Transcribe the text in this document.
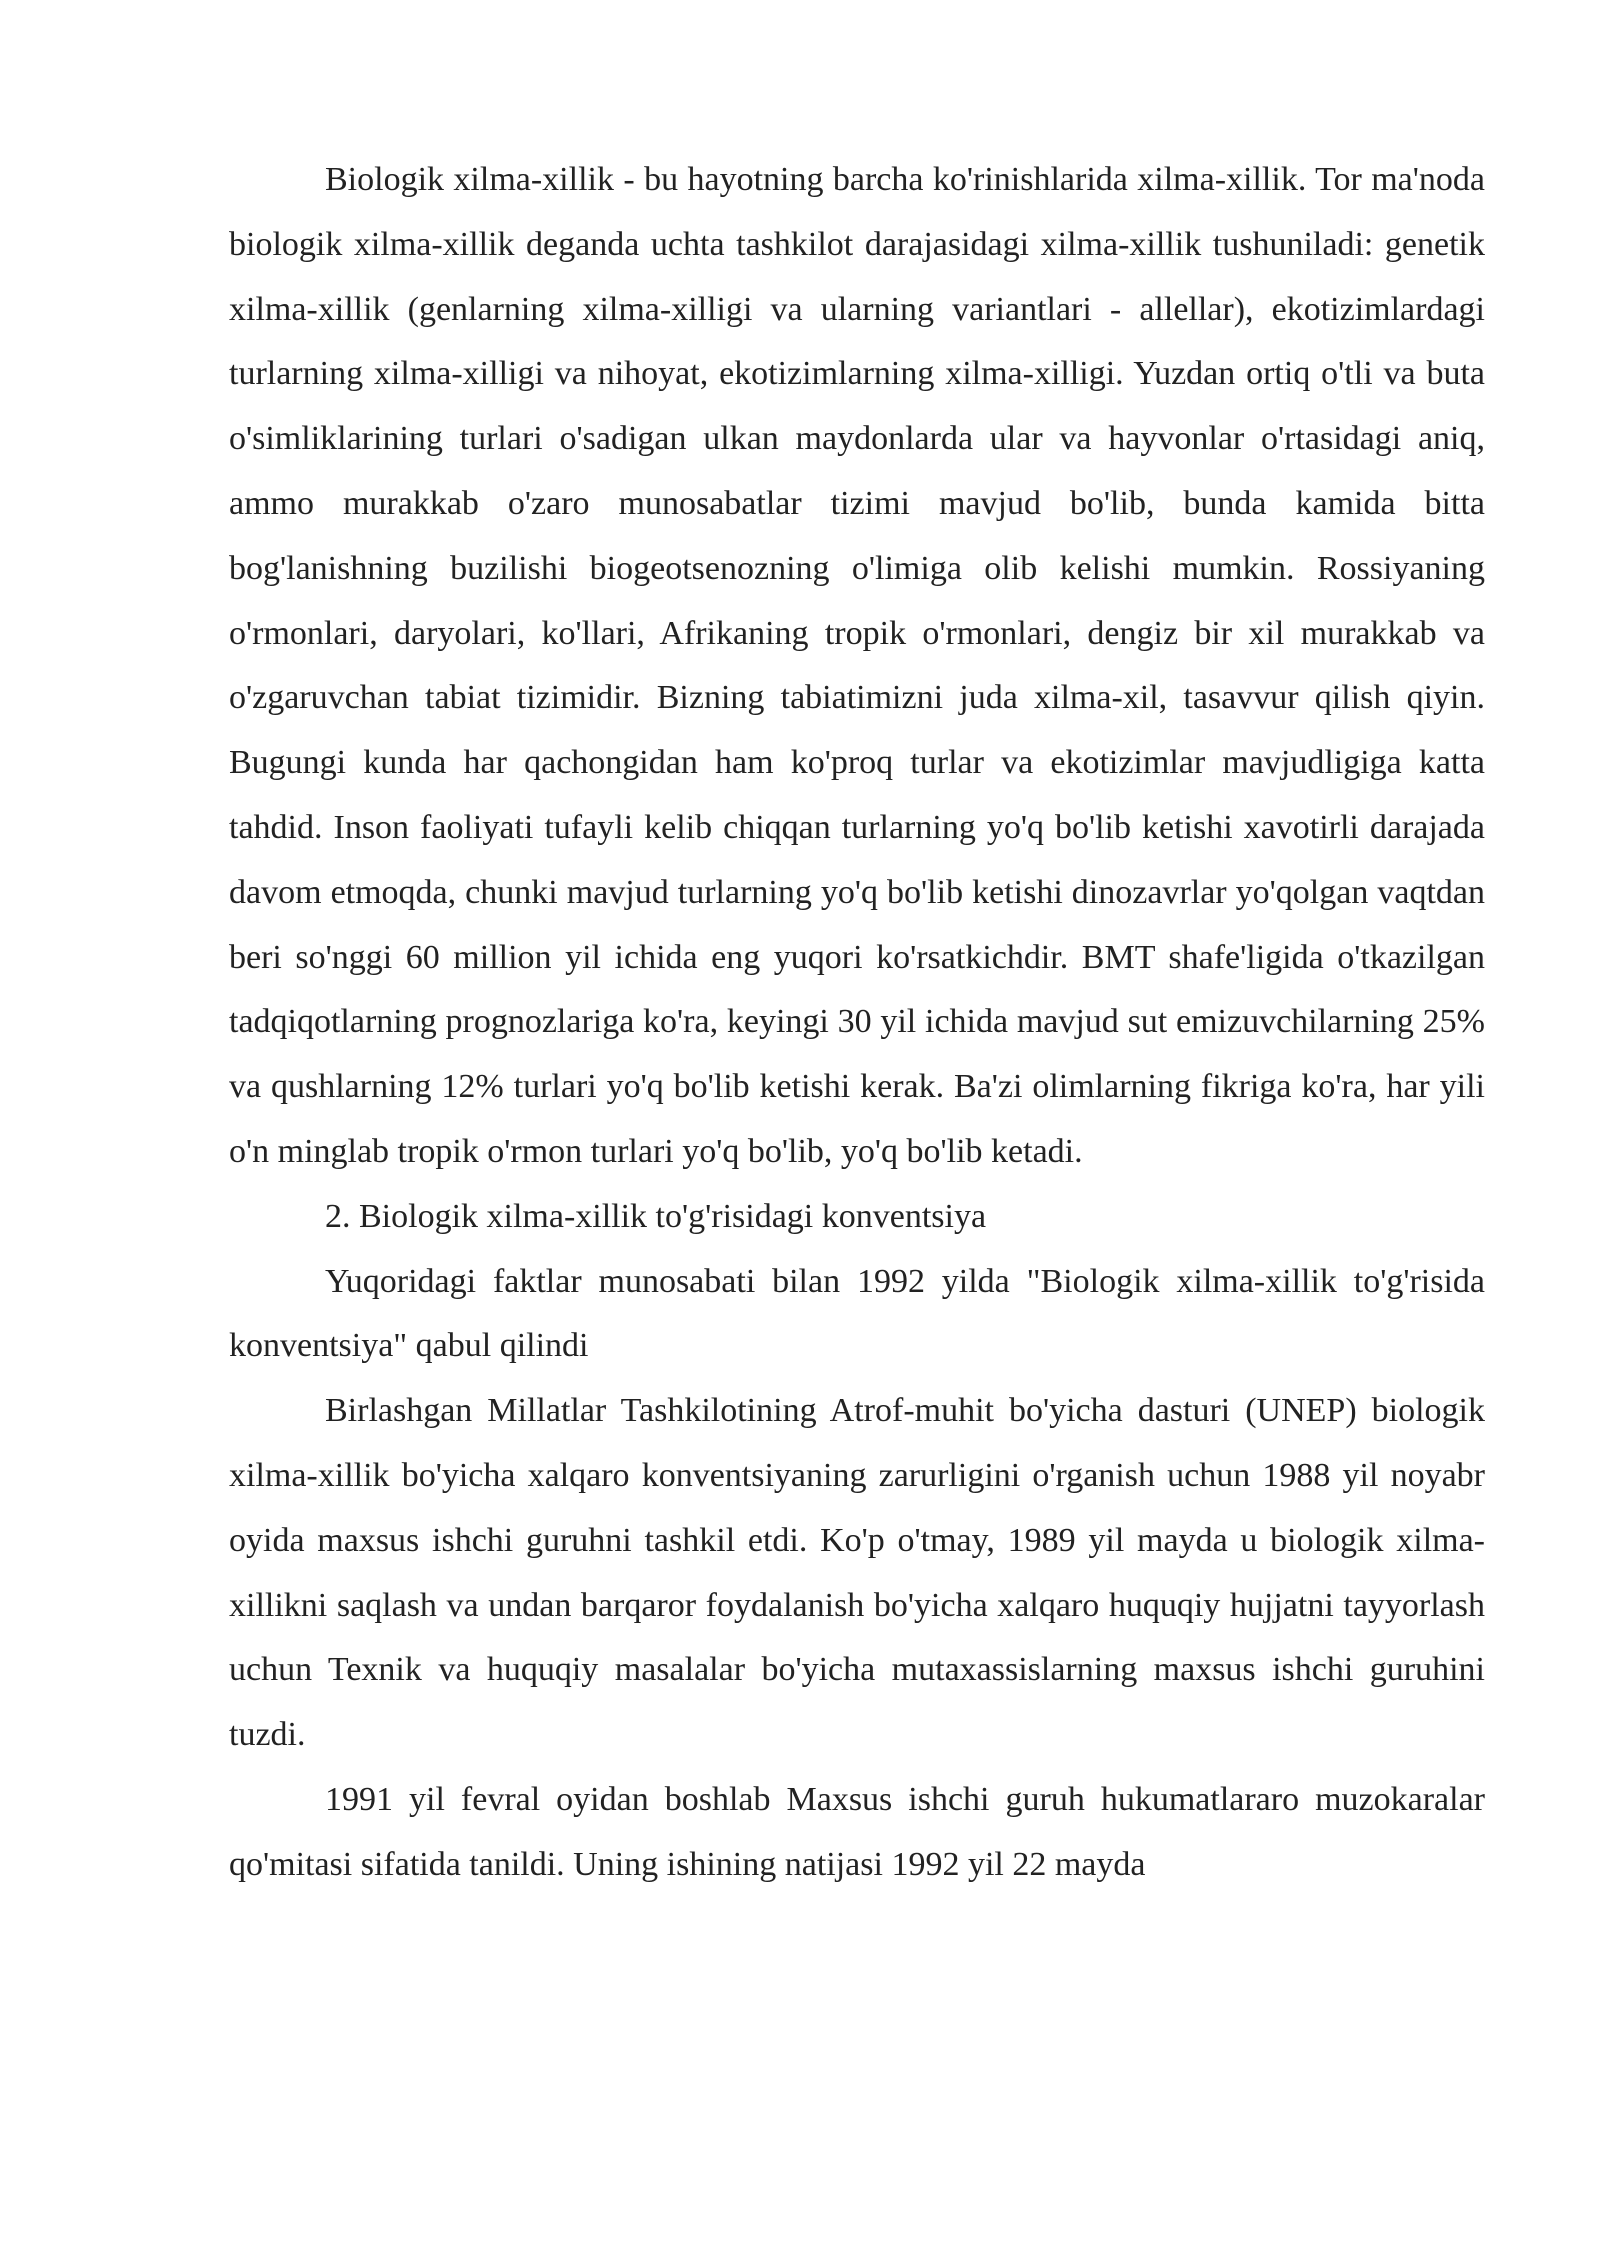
Biologik xilma-xillik - bu hayotning barcha ko'rinishlarida xilma-xillik. Tor ma'noda biologik xilma-xillik deganda uchta tashkilot darajasidagi xilma-xillik tushuniladi: genetik xilma-xillik (genlarning xilma-xilligi va ularning variantlari - allellar), ekotizimlardagi turlarning xilma-xilligi va nihoyat, ekotizimlarning xilma-xilligi. Yuzdan ortiq o'tli va buta o'simliklarining turlari o'sadigan ulkan maydonlarda ular va hayvonlar o'rtasidagi aniq, ammo murakkab o'zaro munosabatlar tizimi mavjud bo'lib, bunda kamida bitta bog'lanishning buzilishi biogeotsenozning o'limiga olib kelishi mumkin. Rossiyaning o'rmonlari, daryolari, ko'llari, Afrikaning tropik o'rmonlari, dengiz bir xil murakkab va o'zgaruvchan tabiat tizimidir. Bizning tabiatimizni juda xilma-xil, tasavvur qilish qiyin. Bugungi kunda har qachongidan ham ko'proq turlar va ekotizimlar mavjudligiga katta tahdid. Inson faoliyati tufayli kelib chiqqan turlarning yo'q bo'lib ketishi xavotirli darajada davom etmoqda, chunki mavjud turlarning yo'q bo'lib ketishi dinozavrlar yo'qolgan vaqtdan beri so'nggi 60 million yil ichida eng yuqori ko'rsatkichdir. BMT shafe'ligida o'tkazilgan tadqiqotlarning prognozlariga ko'ra, keyingi 30 yil ichida mavjud sut emizuvchilarning 25% va qushlarning 12% turlari yo'q bo'lib ketishi kerak. Ba'zi olimlarning fikriga ko'ra, har yili o'n minglab tropik o'rmon turlari yo'q bo'lib, yo'q bo'lib ketadi.

2. Biologik xilma-xillik to'g'risidagi konventsiya

Yuqoridagi faktlar munosabati bilan 1992 yilda "Biologik xilma-xillik to'g'risida konventsiya" qabul qilindi

Birlashgan Millatlar Tashkilotining Atrof-muhit bo'yicha dasturi (UNEP) biologik xilma-xillik bo'yicha xalqaro konventsiyaning zarurligini o'rganish uchun 1988 yil noyabr oyida maxsus ishchi guruhni tashkil etdi. Ko'p o'tmay, 1989 yil mayda u biologik xilma-xillikni saqlash va undan barqaror foydalanish bo'yicha xalqaro huquqiy hujjatni tayyorlash uchun Texnik va huquqiy masalalar bo'yicha mutaxassislarning maxsus ishchi guruhini tuzdi.

1991 yil fevral oyidan boshlab Maxsus ishchi guruh hukumatlararo muzokaralar qo'mitasi sifatida tanildi. Uning ishining natijasi 1992 yil 22 mayda
